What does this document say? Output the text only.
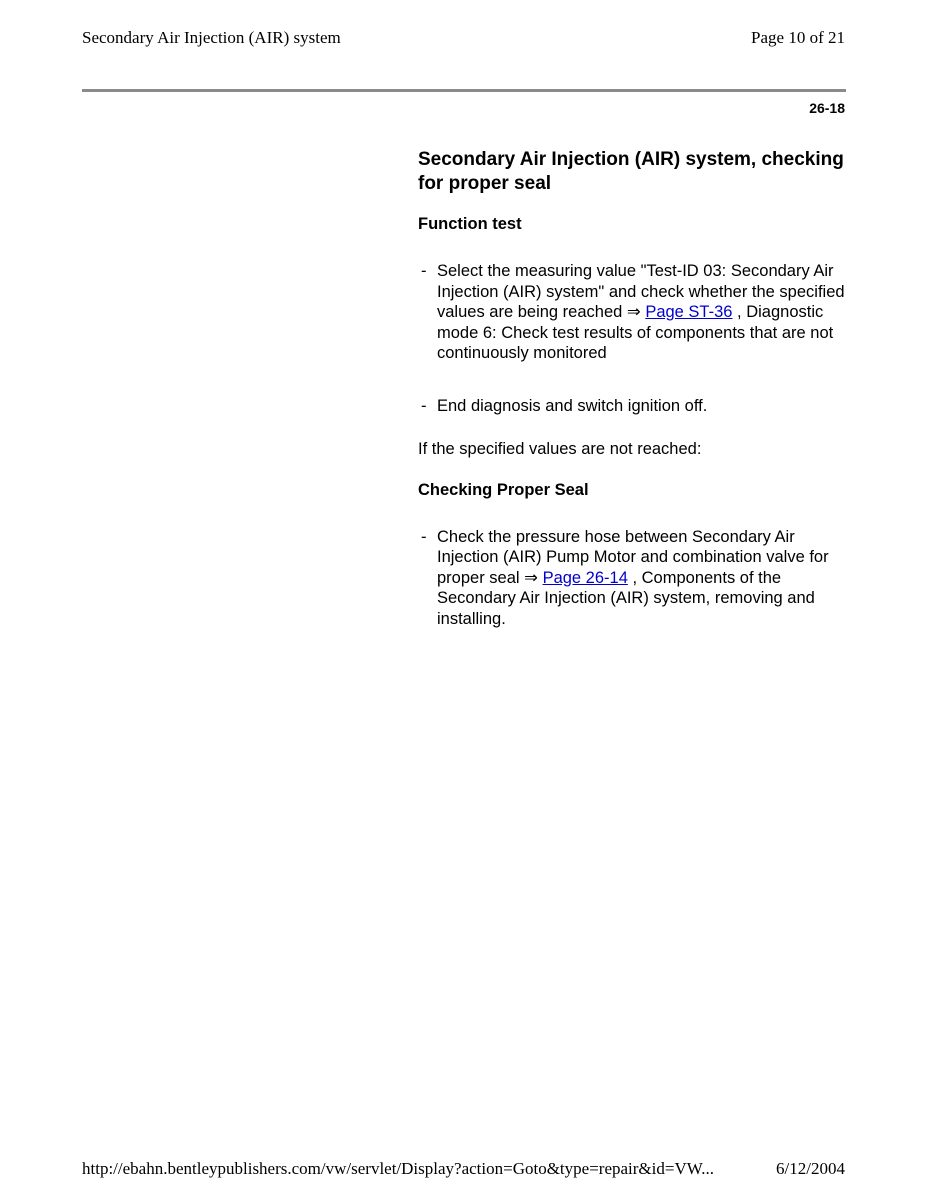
Secondary Air Injection (AIR) system	Page 10 of 21
26-18
Secondary Air Injection (AIR) system, checking for proper seal
Function test
- Select the measuring value "Test-ID 03: Secondary Air Injection (AIR) system" and check whether the specified values are being reached ⇒ Page ST-36 , Diagnostic mode 6: Check test results of components that are not continuously monitored
- End diagnosis and switch ignition off.

If the specified values are not reached:

Checking Proper Seal
- Check the pressure hose between Secondary Air Injection (AIR) Pump Motor and combination valve for proper seal ⇒ Page 26-14 , Components of the Secondary Air Injection (AIR) system, removing and installing.
http://ebahn.bentleypublishers.com/vw/servlet/Display?action=Goto&type=repair&id=VW...	6/12/2004
